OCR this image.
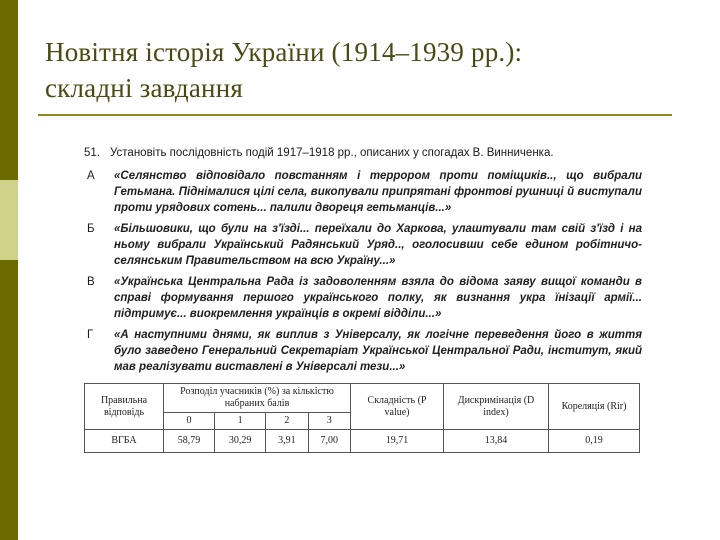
Новітня історія України (1914–1939 рр.):
складні завдання
51. Установіть послідовність подій 1917–1918 рр., описаних у спогадах В. Винниченка.
А	«Селянство відповідало повстанням і террором проти поміщиків.., що вибрали Гетьмана. Піднімалися цілі села, викопували припрятані фронтові рушниці й виступали проти урядових сотень... палили двореця гетьманців...»
Б	«Більшовики, що були на з'їзді... переїхали до Харкова, улаштували там свій з'їзд і на ньому вибрали Український Радянський Уряд.., оголосивши себе едином робітничо-селянським Правительством на всю Україну...»
В	«Українська Центральна Рада із задоволенням взяла до відома заяву вищої команди в справі формування першого українського полку, як визнання укра їнізації армії... підтримує... виокремлення українців в окремі відділи...»
Г	«А наступними днями, як виплив з Універсалу, як логічне переведення його в життя було заведено Генеральний Секретаріат Української Центральної Ради, інститут, який мав реалізувати виставлені в Універсалі тези...»
Правильна відповідь	Розподіл учасників (%) за кількістю набраних балів				Складність (P value)	Дискримінація (D index)	Кореляція (Rir)
	0	1	2	3			
ВГБА	58,79	30,29	3,91	7,00	19,71	13,84	0,19
